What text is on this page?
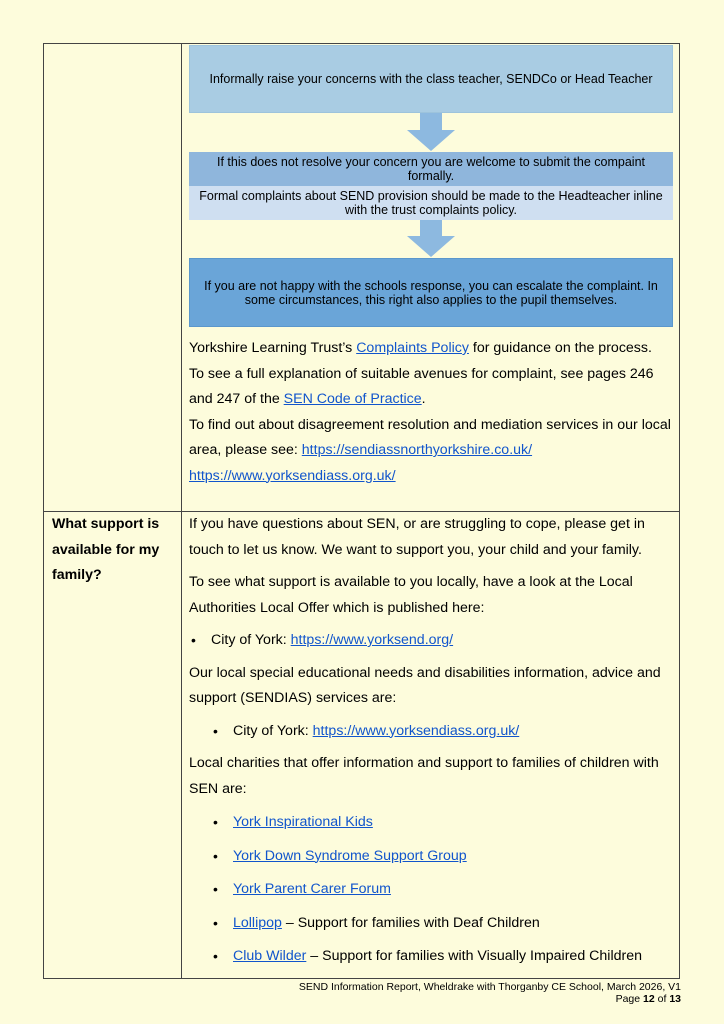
Informally raise your concerns with the class teacher, SENDCo or Head Teacher
If this does not resolve your concern you are welcome to submit the compaint formally.
Formal complaints about SEND provision should be made to the Headteacher inline with the trust complaints policy.
If you are not happy with the schools response, you can escalate the complaint. In some circumstances, this right also applies to the pupil themselves.

Yorkshire Learning Trust’s Complaints Policy for guidance on the process.

To see a full explanation of suitable avenues for complaint, see pages 246 and 247 of the SEN Code of Practice.

To find out about disagreement resolution and mediation services in our local area, please see: https://sendiassnorthyorkshire.co.uk/

https://www.yorksendiass.org.uk/

What support is available for my family?

If you have questions about SEN, or are struggling to cope, please get in touch to let us know. We want to support you, your child and your family.

To see what support is available to you locally, have a look at the Local Authorities Local Offer which is published here:

• City of York: https://www.yorksend.org/

Our local special educational needs and disabilities information, advice and support (SENDIAS) services are:

• City of York: https://www.yorksendiass.org.uk/

Local charities that offer information and support to families of children with SEN are:

• York Inspirational Kids
• York Down Syndrome Support Group
• York Parent Carer Forum
• Lollipop – Support for families with Deaf Children
• Club Wilder – Support for families with Visually Impaired Children
SEND Information Report, Wheldrake with Thorganby CE School, March 2026, V1
Page 12 of 13
